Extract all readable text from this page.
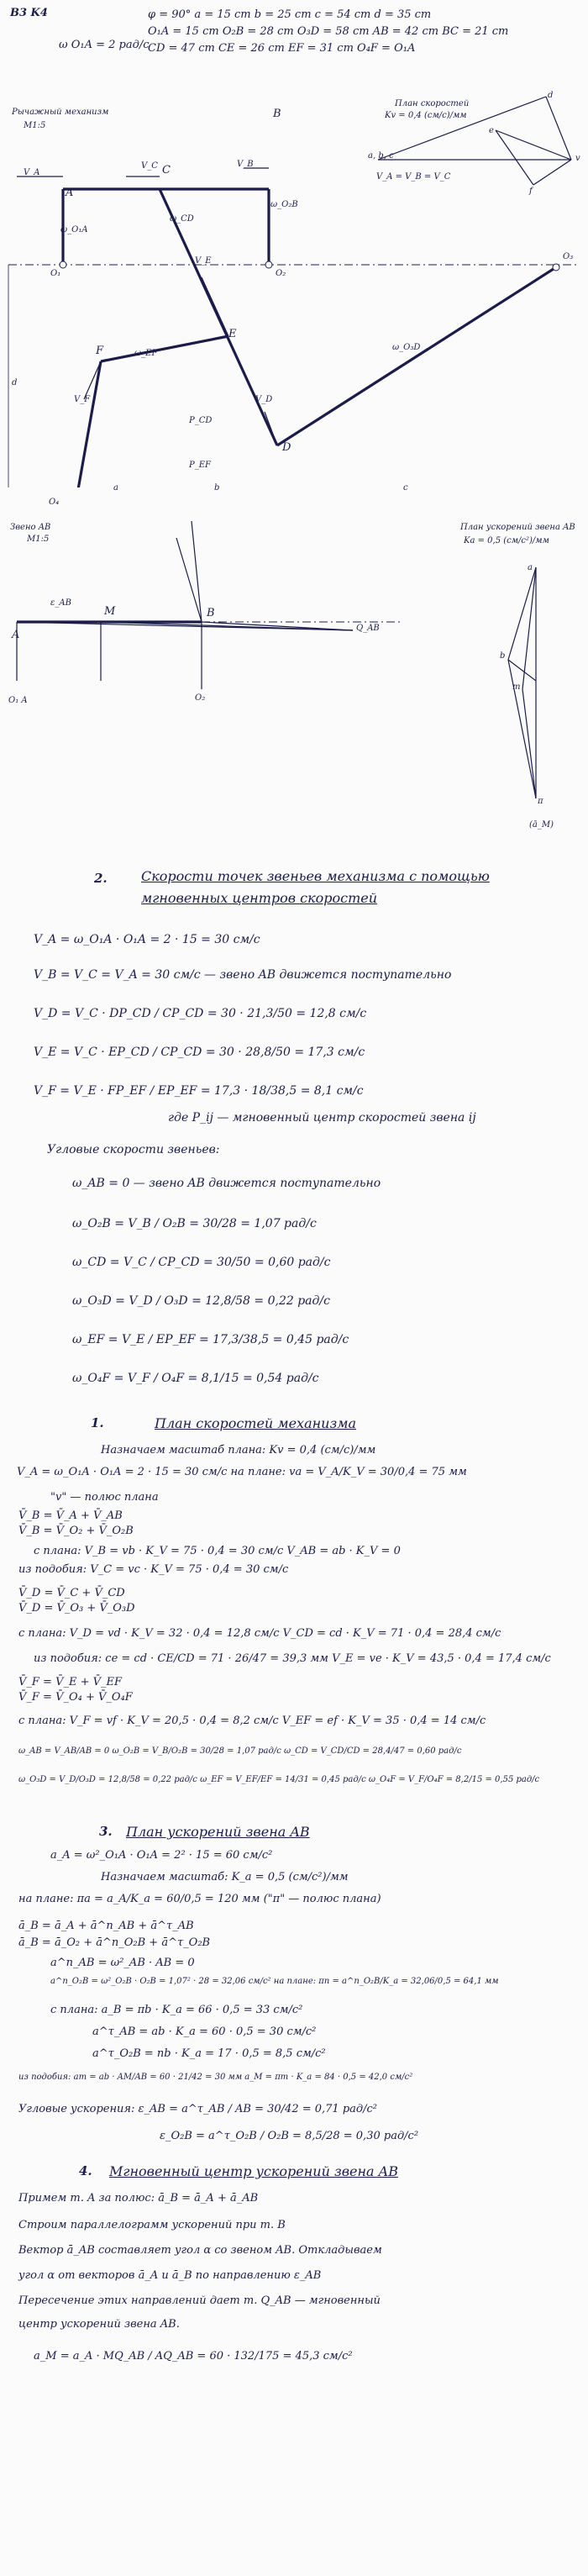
B3 K4	φ = 90° a = 15 cm b = 25 cm c = 54 cm d = 35 cm
ω O₁A = 2 рад/с
O₁A = 15 cm O₂B = 28 cm O₃D = 58 cm AB = 42 cm BC = 21 cm
CD = 47 cm CE = 26 cm EF = 31 cm O₄F = O₁A
Рычажный механизм
M1:5
A
B
C
D
E
F
O₁	O₂
O₃
O₄
V_A
V_B
V_C
V_E
V_D
V_F
ω_O₁A
ω_O₂B
ω_O₃D
ω_CD
ω_EF
P_CD
P_EF
d
a	b	c
План скоростей
Kv = 0,4 (см/с)/мм
V_A = V_B = V_C
a, b, c
d
e
f
v
Звено AB
M1:5
A
M	B
ε_AB
Q_AB
O₁ A	O₂
План ускорений звена AB
Ka = 0,5 (см/с²)/мм
a
b
m
π
(ā_M)
2.	Скорости точек звеньев механизма с помощью мгновенных центров скоростей
V_A = ω_O₁A · O₁A = 2 · 15 = 30 см/с
V_B = V_C = V_A = 30 см/с — звено AB движется поступательно
V_D = V_C · DP_CD / CP_CD = 30 · 21,3/50 = 12,8 см/с
V_E = V_C · EP_CD / CP_CD = 30 · 28,8/50 = 17,3 см/с
V_F = V_E · FP_EF / EP_EF = 17,3 · 18/38,5 = 8,1 см/с
где P_ij — мгновенный центр скоростей звена ij
Угловые скорости звеньев:
ω_AB = 0 — звено AB движется поступательно
ω_O₂B = V_B / O₂B = 30/28 = 1,07 рад/с
ω_CD = V_C / CP_CD = 30/50 = 0,60 рад/с
ω_O₃D = V_D / O₃D = 12,8/58 = 0,22 рад/с
ω_EF = V_E / EP_EF = 17,3/38,5 = 0,45 рад/с
ω_O₄F = V_F / O₄F = 8,1/15 = 0,54 рад/с
1.	План скоростей механизма
Назначаем масштаб плана: Kv = 0,4 (см/с)/мм
V_A = ω_O₁A · O₁A = 2 · 15 = 30 см/с на плане: va = V_A/K_V = 30/0,4 = 75 мм
"v" — полюс плана
V̄_B = V̄_A + V̄_AB
V̄_B = V̄_O₂ + V̄_O₂B
с плана: V_B = vb · K_V = 75 · 0,4 = 30 см/с V_AB = ab · K_V = 0
из подобия: V_C = vc · K_V = 75 · 0,4 = 30 см/с
V̄_D = V̄_C + V̄_CD
V̄_D = V̄_O₃ + V̄_O₃D
с плана: V_D = vd · K_V = 32 · 0,4 = 12,8 см/с V_CD = cd · K_V = 71 · 0,4 = 28,4 см/с
из подобия: ce = cd · CE/CD = 71 · 26/47 = 39,3 мм V_E = ve · K_V = 43,5 · 0,4 = 17,4 см/с
V̄_F = V̄_E + V̄_EF
V̄_F = V̄_O₄ + V̄_O₄F
с плана: V_F = vf · K_V = 20,5 · 0,4 = 8,2 см/с V_EF = ef · K_V = 35 · 0,4 = 14 см/с
ω_AB = V_AB/AB = 0 ω_O₂B = V_B/O₂B = 30/28 = 1,07 рад/с ω_CD = V_CD/CD = 28,4/47 = 0,60 рад/с
ω_O₃D = V_D/O₃D = 12,8/58 = 0,22 рад/с ω_EF = V_EF/EF = 14/31 = 0,45 рад/с ω_O₄F = V_F/O₄F = 8,2/15 = 0,55 рад/с
3. План ускорений звена AB
a_A = ω²_O₁A · O₁A = 2² · 15 = 60 см/с²
Назначаем масштаб: K_a = 0,5 (см/с²)/мм
на плане: πa = a_A/K_a = 60/0,5 = 120 мм ("π" — полюс плана)
ā_B = ā_A + ā^n_AB + ā^τ_AB
ā_B = ā_O₂ + ā^n_O₂B + ā^τ_O₂B
a^n_AB = ω²_AB · AB = 0
a^n_O₂B = ω²_O₂B · O₂B = 1,07² · 28 = 32,06 см/с² на плане: πn = a^n_O₂B/K_a = 32,06/0,5 = 64,1 мм
с плана: a_B = πb · K_a = 66 · 0,5 = 33 см/с²
a^τ_AB = ab · K_a = 60 · 0,5 = 30 см/с²
a^τ_O₂B = nb · K_a = 17 · 0,5 = 8,5 см/с²
из подобия: am = ab · AM/AB = 60 · 21/42 = 30 мм a_M = πm · K_a = 84 · 0,5 = 42,0 см/с²
Угловые ускорения: ε_AB = a^τ_AB / AB = 30/42 = 0,71 рад/с²
ε_O₂B = a^τ_O₂B / O₂B = 8,5/28 = 0,30 рад/с²
4. Мгновенный центр ускорений звена AB
Примем т. A за полюс: ā_B = ā_A + ā_AB
Строим параллелограмм ускорений при т. B
Вектор ā_AB составляет угол α со звеном AB. Откладываем
угол α от векторов ā_A и ā_B по направлению ε_AB
Пересечение этих направлений дает т. Q_AB — мгновенный
центр ускорений звена AB.
a_M = a_A · MQ_AB / AQ_AB = 60 · 132/175 = 45,3 см/с²
